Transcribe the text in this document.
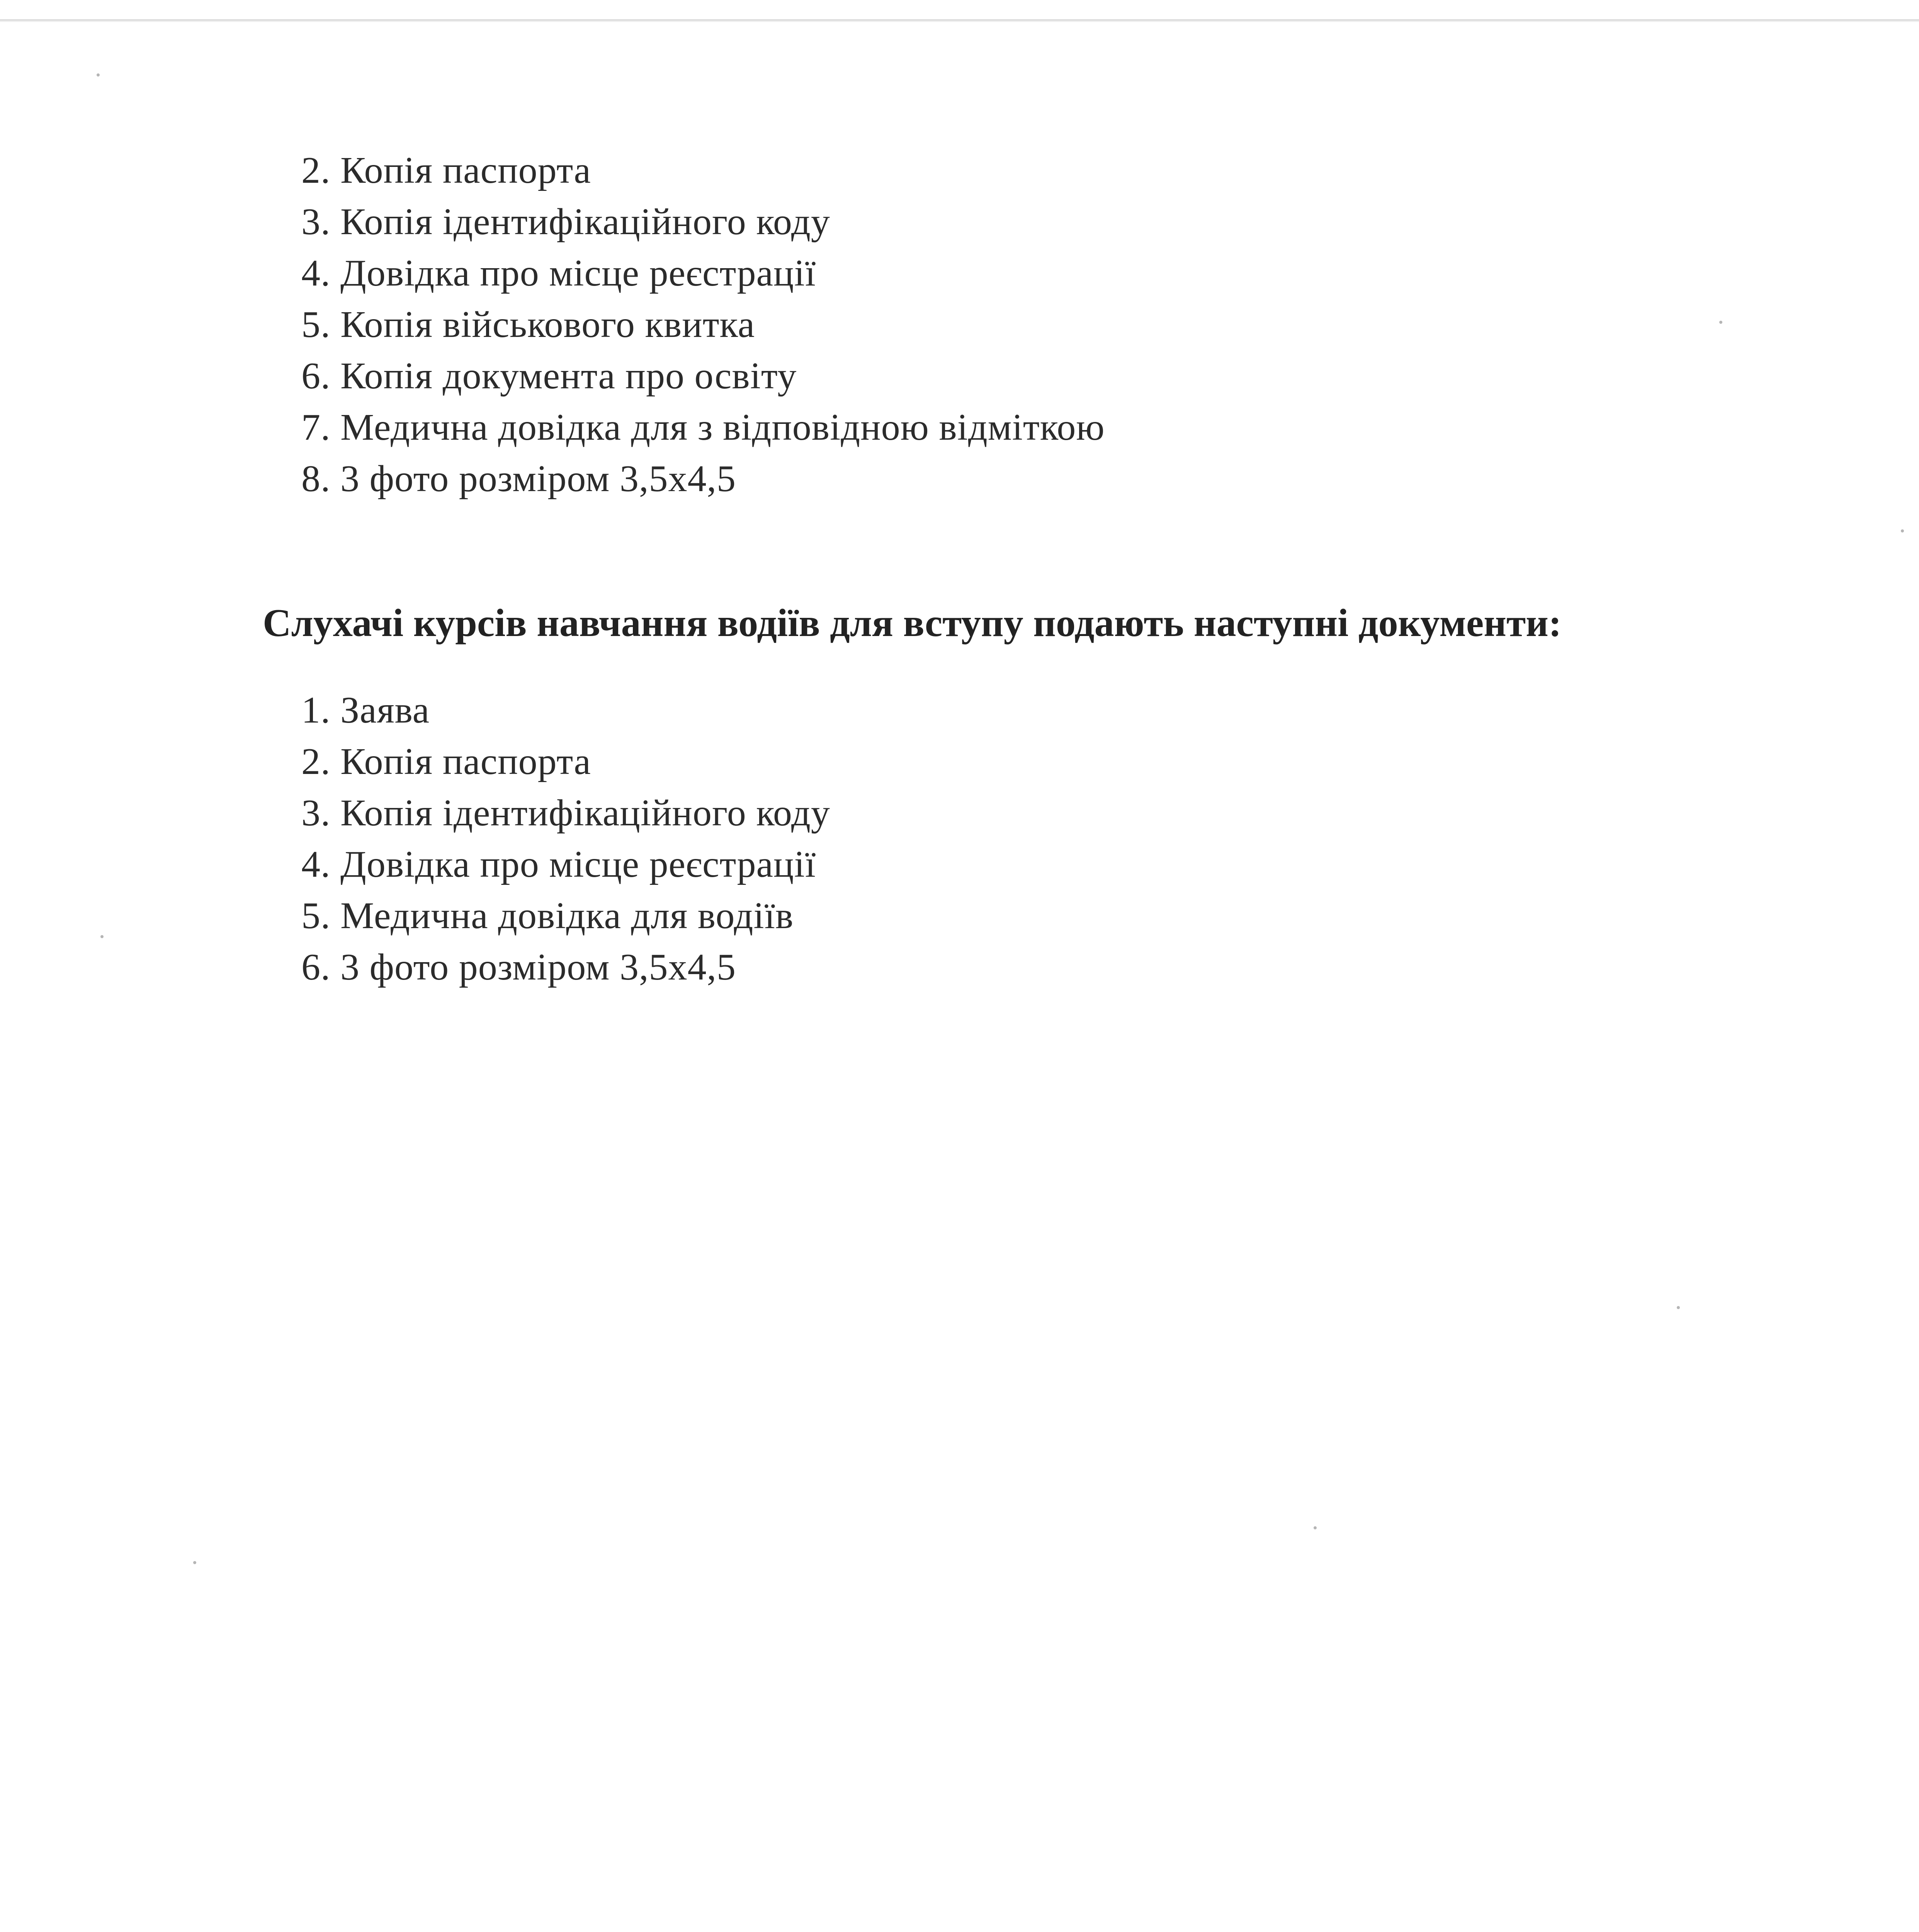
2. Копія паспорта
3. Копія ідентифікаційного коду
4. Довідка про місце реєстрації
5. Копія військового квитка
6. Копія документа про освіту
7. Медична довідка для з відповідною відміткою
8. 3 фото розміром 3,5х4,5

Слухачі курсів навчання водіїв для вступу подають наступні документи:

1. Заява
2. Копія паспорта
3. Копія ідентифікаційного коду
4. Довідка про місце реєстрації
5. Медична довідка для водіїв
6. 3 фото розміром 3,5х4,5
